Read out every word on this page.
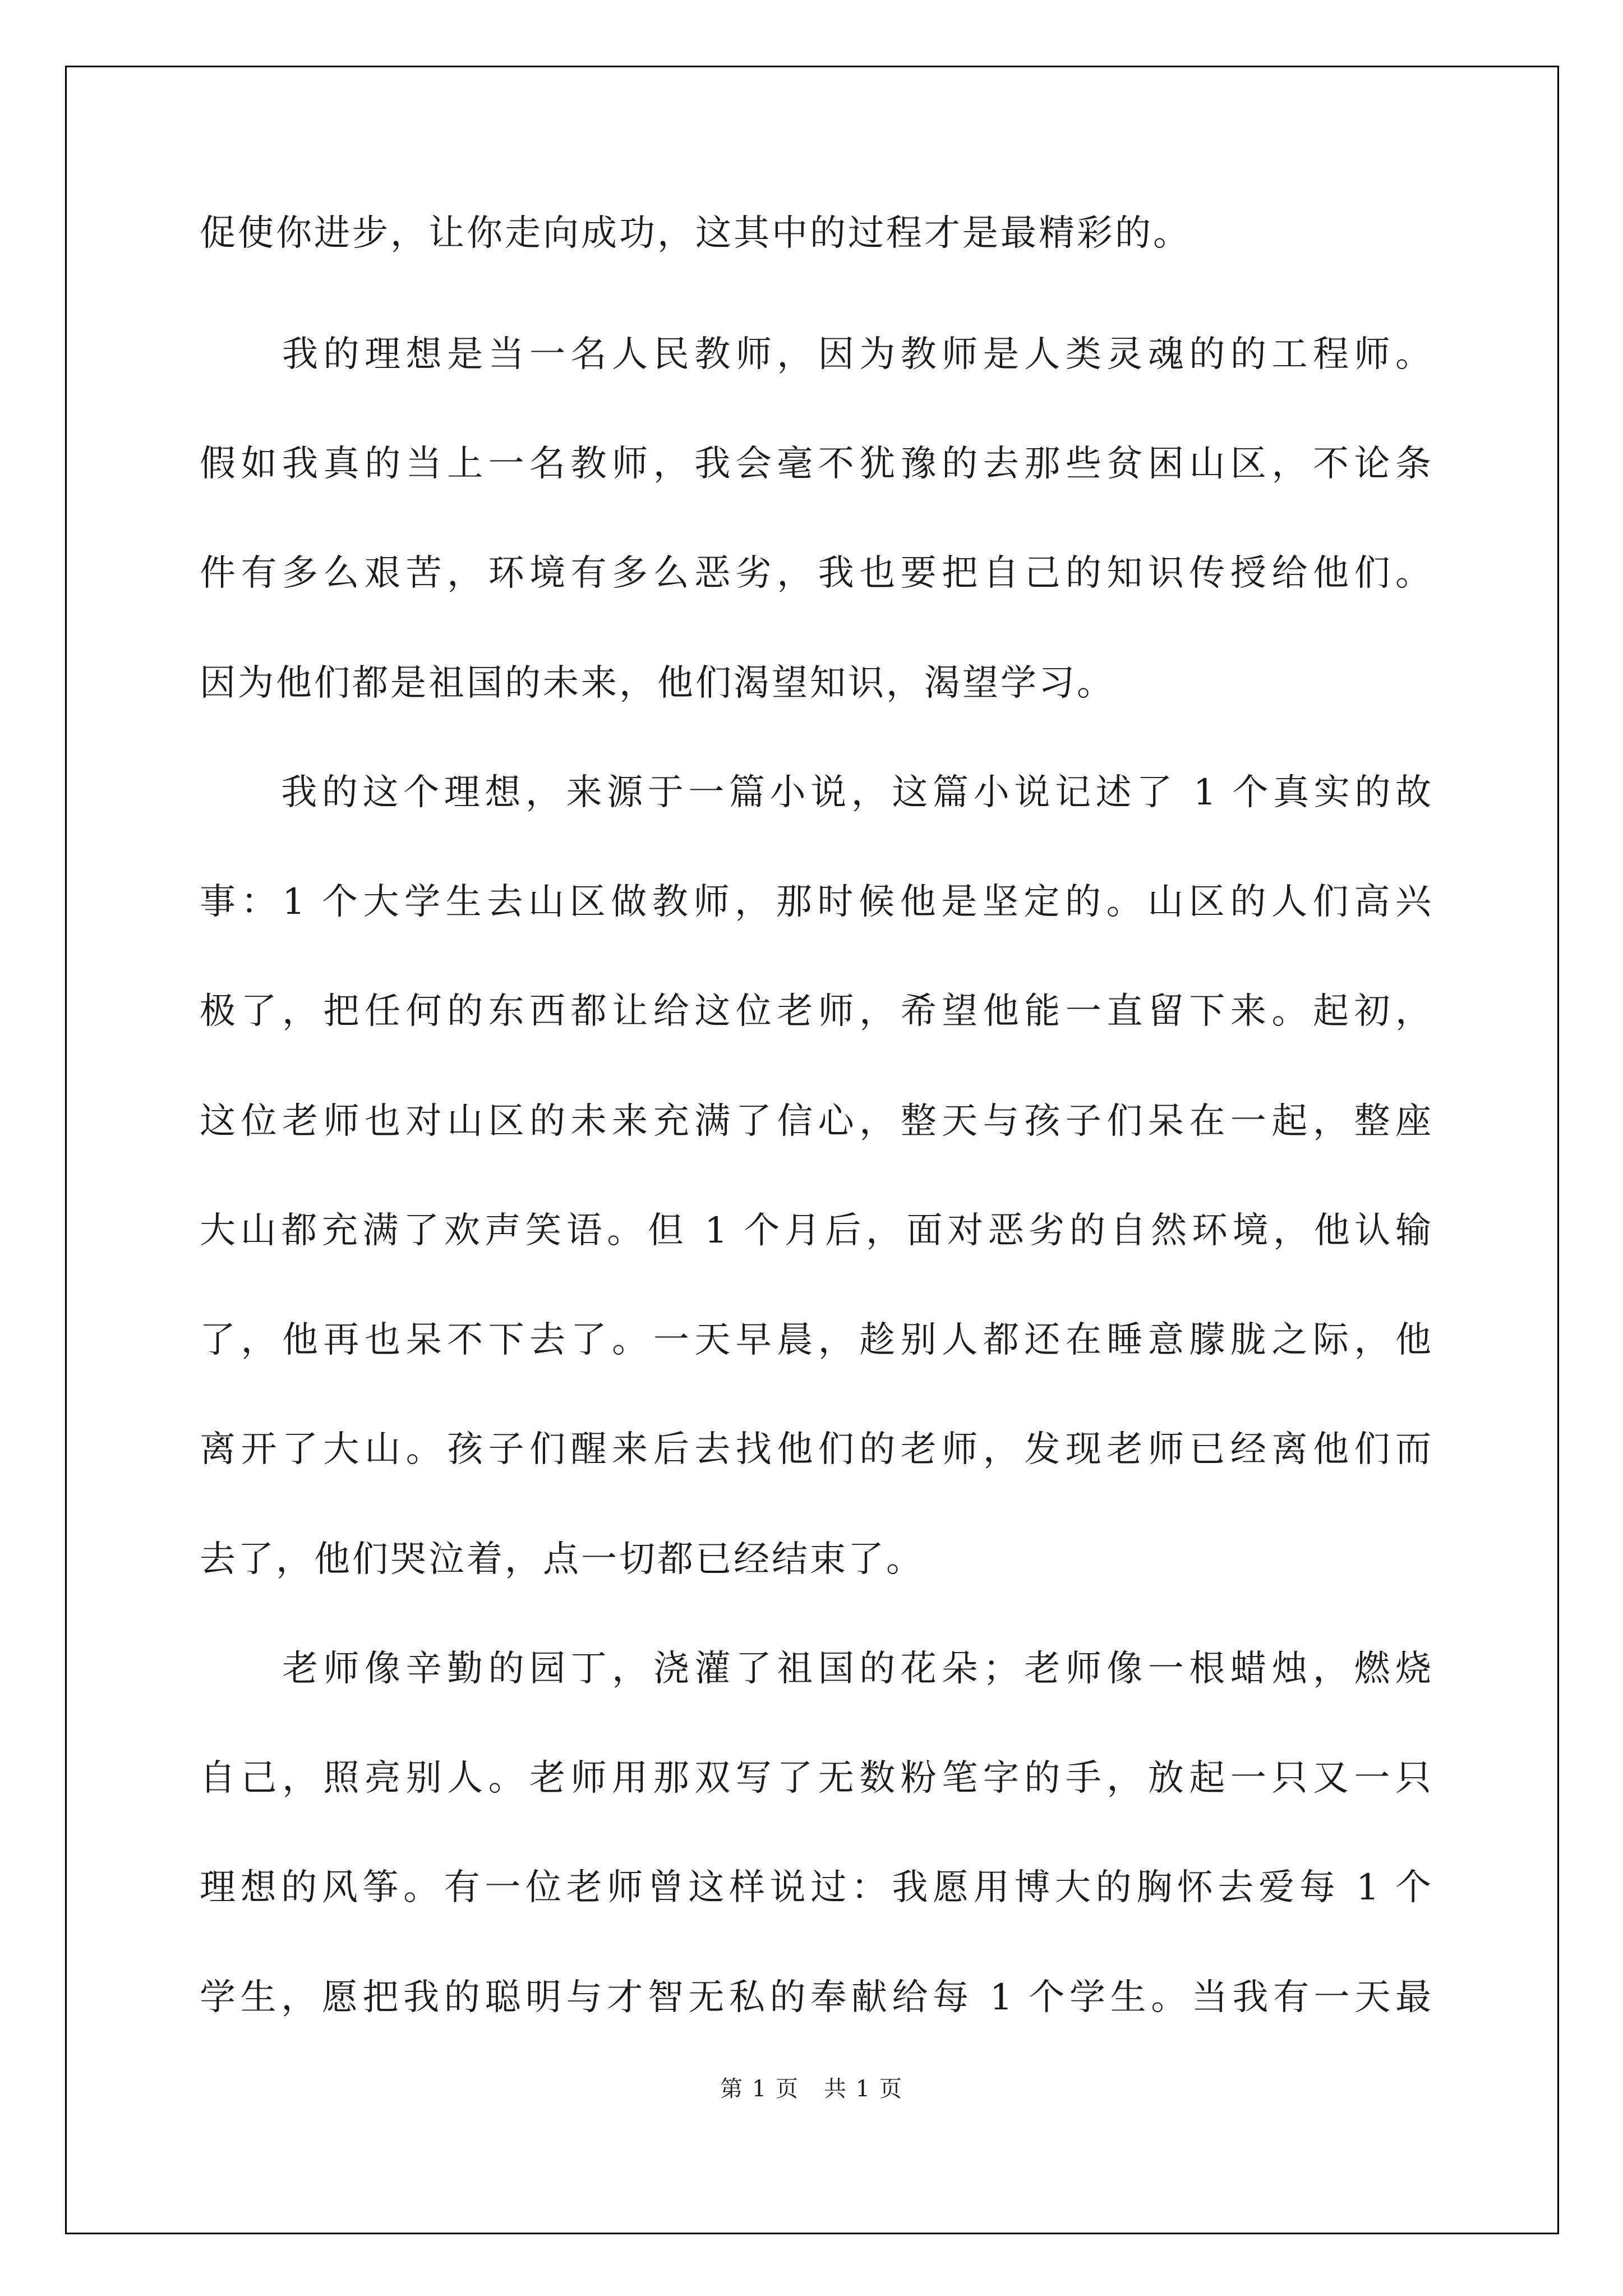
促使你进步，让你走向成功，这其中的过程才是最精彩的。
　　我的理想是当一名人民教师，因为教师是人类灵魂的的工程师。
假如我真的当上一名教师，我会毫不犹豫的去那些贫困山区，不论条
件有多么艰苦，环境有多么恶劣，我也要把自己的知识传授给他们。
因为他们都是祖国的未来，他们渴望知识，渴望学习。
　　我的这个理想，来源于一篇小说，这篇小说记述了 1 个真实的故
事：1 个大学生去山区做教师，那时候他是坚定的。山区的人们高兴
极了，把任何的东西都让给这位老师，希望他能一直留下来。起初，
这位老师也对山区的未来充满了信心，整天与孩子们呆在一起，整座
大山都充满了欢声笑语。但 1 个月后，面对恶劣的自然环境，他认输
了，他再也呆不下去了。一天早晨，趁别人都还在睡意朦胧之际，他
离开了大山。孩子们醒来后去找他们的老师，发现老师已经离他们而
去了，他们哭泣着，点一切都已经结束了。
　　老师像辛勤的园丁，浇灌了祖国的花朵；老师像一根蜡烛，燃烧
自己，照亮别人。老师用那双写了无数粉笔字的手，放起一只又一只
理想的风筝。有一位老师曾这样说过：我愿用博大的胸怀去爱每 1 个
学生，愿把我的聪明与才智无私的奉献给每 1 个学生。当我有一天最
第 1 页 共 1 页
